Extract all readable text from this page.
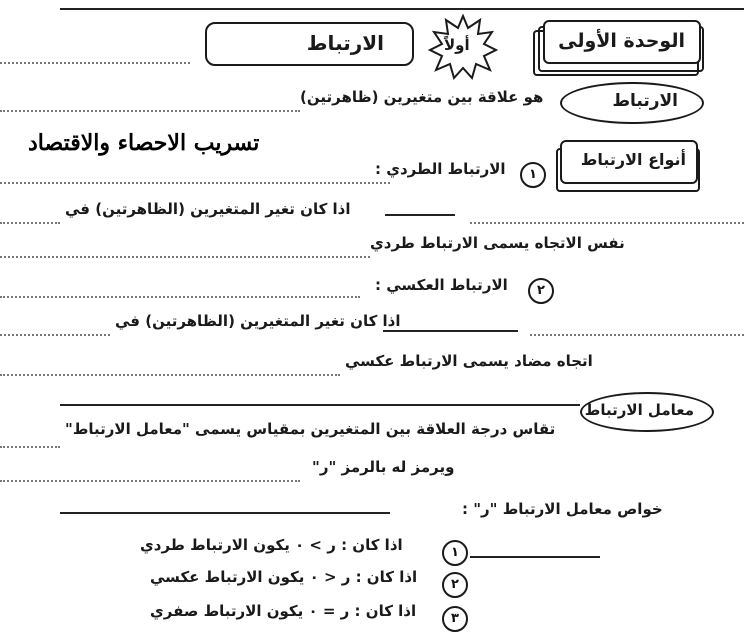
الوحدة الأولى
أولاً
الارتباط
هو علاقة بين متغيرين (ظاهرتين)	الارتباط
تسريب الاحصاء والاقتصاد
أنواع الارتباط
الارتباط الطردي :	١
اذا كان تغير المتغيرين (الظاهرتين) في
نفس الاتجاه يسمى الارتباط طردي
الارتباط العكسي :	٢
اذا كان تغير المتغيرين (الظاهرتين) في
اتجاه مضاد يسمى الارتباط عكسي
معامل الارتباط
تقاس درجة العلاقة بين المتغيرين بمقياس يسمى "معامل الارتباط"
ويرمز له بالرمز "ر"
خواص معامل الارتباط "ر" :
اذا كان : ر > ٠ يكون الارتباط طردي	١
اذا كان : ر < ٠ يكون الارتباط عكسي	٢
اذا كان : ر = ٠ يكون الارتباط صفري	٣
